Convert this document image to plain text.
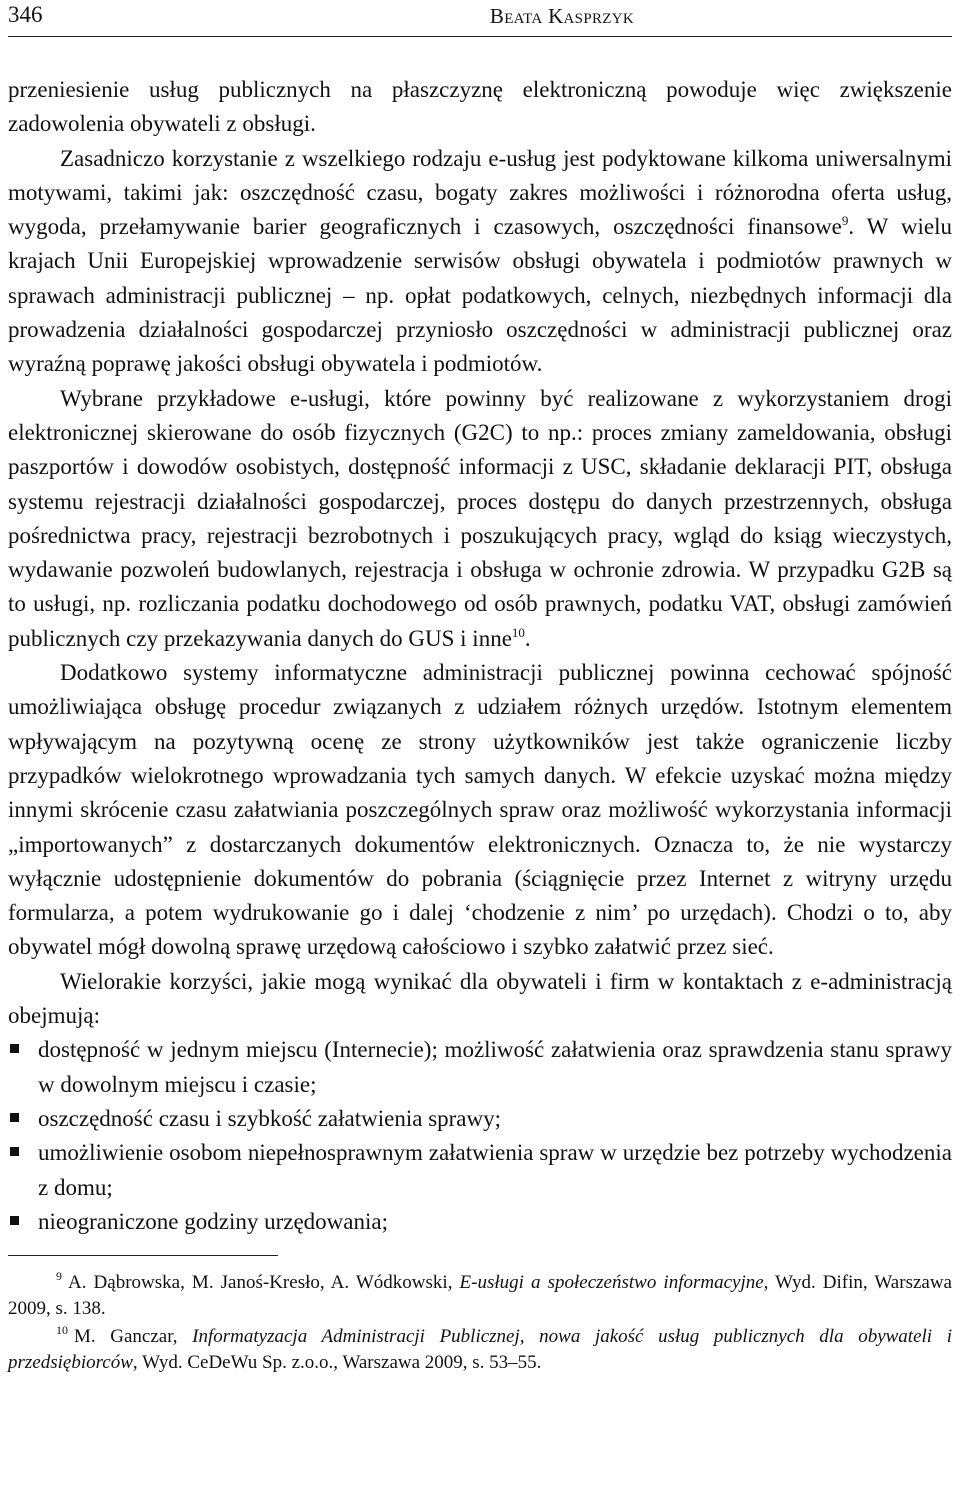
346	Beata Kasprzyk

przeniesienie usług publicznych na płaszczyznę elektroniczną powoduje więc zwiększenie zadowolenia obywateli z obsługi.

Zasadniczo korzystanie z wszelkiego rodzaju e-usług jest podyktowane kilkoma uniwersalnymi motywami, takimi jak: oszczędność czasu, bogaty zakres możliwości i różnorodna oferta usług, wygoda, przełamywanie barier geograficznych i czasowych, oszczędności finansowe$^9$. W wielu krajach Unii Europejskiej wprowadzenie serwisów obsługi obywatela i podmiotów prawnych w sprawach administracji publicznej – np. opłat podatkowych, celnych, niezbędnych informacji dla prowadzenia działalności gospodarczej przyniosło oszczędności w administracji publicznej oraz wyraźną poprawę jakości obsługi obywatela i podmiotów.

Wybrane przykładowe e-usługi, które powinny być realizowane z wykorzystaniem drogi elektronicznej skierowane do osób fizycznych (G2C) to np.: proces zmiany zameldowania, obsługi paszportów i dowodów osobistych, dostępność informacji z USC, składanie deklaracji PIT, obsługa systemu rejestracji działalności gospodarczej, proces dostępu do danych przestrzennych, obsługa pośrednictwa pracy, rejestracji bezrobotnych i poszukujących pracy, wgląd do ksiąg wieczystych, wydawanie pozwoleń budowlanych, rejestracja i obsługa w ochronie zdrowia. W przypadku G2B są to usługi, np. rozliczania podatku dochodowego od osób prawnych, podatku VAT, obsługi zamówień publicznych czy przekazywania danych do GUS i inne$^{10}$.

Dodatkowo systemy informatyczne administracji publicznej powinna cechować spójność umożliwiająca obsługę procedur związanych z udziałem różnych urzędów. Istotnym elementem wpływającym na pozytywną ocenę ze strony użytkowników jest także ograniczenie liczby przypadków wielokrotnego wprowadzania tych samych danych. W efekcie uzyskać można między innymi skrócenie czasu załatwiania poszczególnych spraw oraz możliwość wykorzystania informacji „importowanych” z dostarczanych dokumentów elektronicznych. Oznacza to, że nie wystarczy wyłącznie udostępnienie dokumentów do pobrania (ściągnięcie przez Internet z witryny urzędu formularza, a potem wydrukowanie go i dalej ‘chodzenie z nim’ po urzędach). Chodzi o to, aby obywatel mógł dowolną sprawę urzędową całościowo i szybko załatwić przez sieć.

Wielorakie korzyści, jakie mogą wynikać dla obywateli i firm w kontaktach z e-administracją obejmują:

dostępność w jednym miejscu (Internecie); możliwość załatwienia oraz sprawdzenia stanu sprawy w dowolnym miejscu i czasie;
oszczędność czasu i szybkość załatwienia sprawy;
umożliwienie osobom niepełnosprawnym załatwienia spraw w urzędzie bez potrzeby wychodzenia z domu;
nieograniczone godziny urzędowania;

$^9$ A. Dąbrowska, M. Janoś-Kresło, A. Wódkowski, E-usługi a społeczeństwo informacyjne, Wyd. Difin, Warszawa 2009, s. 138.

$^{10}$ M. Ganczar, Informatyzacja Administracji Publicznej, nowa jakość usług publicznych dla obywateli i przedsiębiorców, Wyd. CeDeWu Sp. z.o.o., Warszawa 2009, s. 53–55.
